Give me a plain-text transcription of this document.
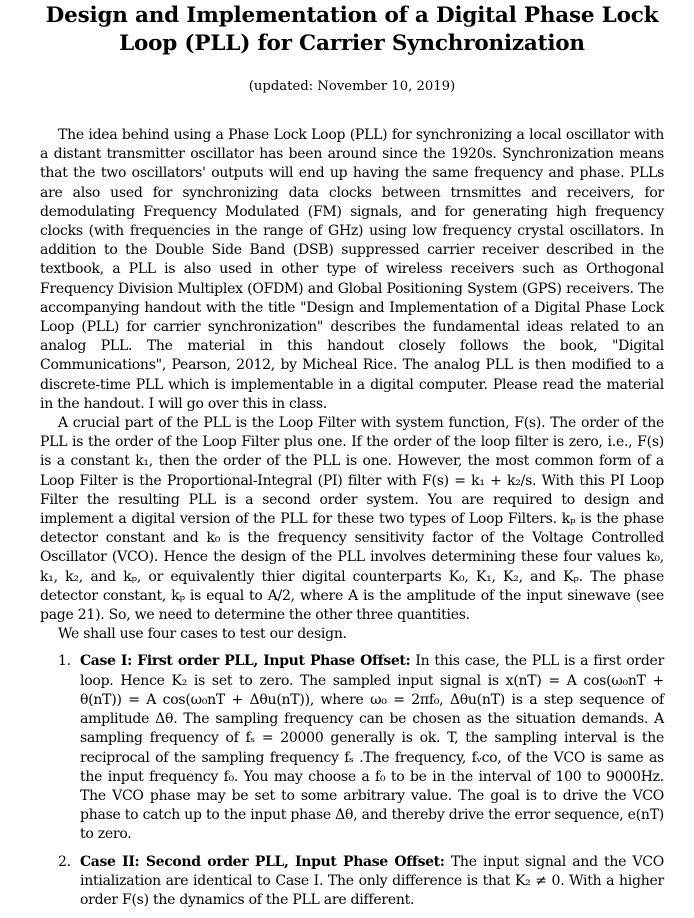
Design and Implementation of a Digital Phase Lock
Loop (PLL) for Carrier Synchronization
(updated: November 10, 2019)

The idea behind using a Phase Lock Loop (PLL) for synchronizing a local oscillator with a distant transmitter oscillator has been around since the 1920s. Synchronization means that the two oscillators' outputs will end up having the same frequency and phase. PLLs are also used for synchronizing data clocks between trnsmittes and receivers, for demodulating Frequency Modulated (FM) signals, and for generating high frequency clocks (with frequencies in the range of GHz) using low frequency crystal oscillators. In addition to the Double Side Band (DSB) suppressed carrier receiver described in the textbook, a PLL is also used in other type of wireless receivers such as Orthogonal Frequency Division Multiplex (OFDM) and Global Positioning System (GPS) receivers. The accompanying handout with the title "Design and Implementation of a Digital Phase Lock Loop (PLL) for carrier synchronization" describes the fundamental ideas related to an analog PLL. The material in this handout closely follows the book, "Digital Communications", Pearson, 2012, by Micheal Rice. The analog PLL is then modified to a discrete-time PLL which is implementable in a digital computer. Please read the material in the handout. I will go over this in class.

A crucial part of the PLL is the Loop Filter with system function, F(s). The order of the PLL is the order of the Loop Filter plus one. If the order of the loop filter is zero, i.e., F(s) is a constant k₁, then the order of the PLL is one. However, the most common form of a Loop Filter is the Proportional-Integral (PI) filter with F(s) = k₁ + k₂/s. With this PI Loop Filter the resulting PLL is a second order system. You are required to design and implement a digital version of the PLL for these two types of Loop Filters. kₚ is the phase detector constant and k₀ is the frequency sensitivity factor of the Voltage Controlled Oscillator (VCO). Hence the design of the PLL involves determining these four values k₀, k₁, k₂, and kₚ, or equivalently thier digital counterparts K₀, K₁, K₂, and Kₚ. The phase detector constant, kₚ is equal to A/2, where A is the amplitude of the input sinewave (see page 21). So, we need to determine the other three quantities.

We shall use four cases to test our design.

1. Case I: First order PLL, Input Phase Offset: In this case, the PLL is a first order loop. Hence K₂ is set to zero. The sampled input signal is x(nT) = A cos(ω₀nT + θ(nT)) = A cos(ω₀nT + Δθu(nT)), where ω₀ = 2πf₀, Δθu(nT) is a step sequence of amplitude Δθ. The sampling frequency can be chosen as the situation demands. A sampling frequency of fₛ = 20000 generally is ok. T, the sampling interval is the reciprocal of the sampling frequency fₛ .The frequency, fᵥco, of the VCO is same as the input frequency f₀. You may choose a f₀ to be in the interval of 100 to 9000Hz. The VCO phase may be set to some arbitrary value. The goal is to drive the VCO phase to catch up to the input phase Δθ, and thereby drive the error sequence, e(nT) to zero.
2. Case II: Second order PLL, Input Phase Offset: The input signal and the VCO intialization are identical to Case I. The only difference is that K₂ ≠ 0. With a higher order F(s) the dynamics of the PLL are different.
